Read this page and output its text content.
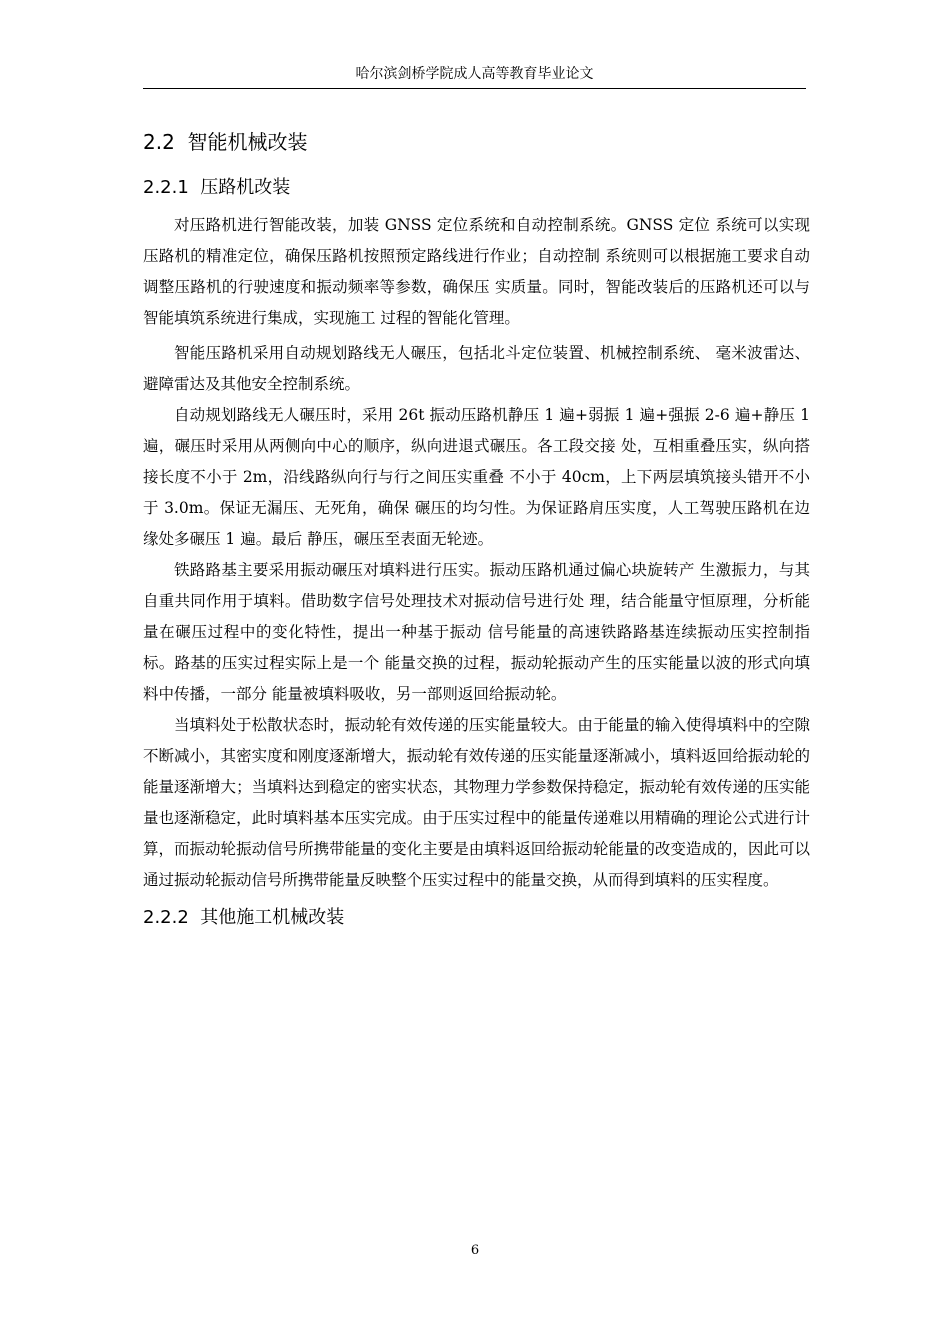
哈尔滨剑桥学院成人高等教育毕业论文
2.2 智能机械改装
2.2.1 压路机改装

对压路机进行智能改装，加装 GNSS 定位系统和自动控制系统。GNSS 定位 系统可以实现压路机的精准定位，确保压路机按照预定路线进行作业；自动控制 系统则可以根据施工要求自动调整压路机的行驶速度和振动频率等参数，确保压 实质量。同时，智能改装后的压路机还可以与智能填筑系统进行集成，实现施工 过程的智能化管理。

智能压路机采用自动规划路线无人碾压，包括北斗定位装置、机械控制系统、 毫米波雷达、避障雷达及其他安全控制系统。

自动规划路线无人碾压时，采用 26t 振动压路机静压 1 遍+弱振 1 遍+强振 2-6 遍+静压 1 遍，碾压时采用从两侧向中心的顺序，纵向进退式碾压。各工段交接 处，互相重叠压实，纵向搭接长度不小于 2m，沿线路纵向行与行之间压实重叠 不小于 40cm，上下两层填筑接头错开不小于 3.0m。保证无漏压、无死角，确保 碾压的均匀性。为保证路肩压实度，人工驾驶压路机在边缘处多碾压 1 遍。最后 静压，碾压至表面无轮迹。

铁路路基主要采用振动碾压对填料进行压实。振动压路机通过偏心块旋转产 生激振力，与其自重共同作用于填料。借助数字信号处理技术对振动信号进行处 理，结合能量守恒原理，分析能量在碾压过程中的变化特性，提出一种基于振动 信号能量的高速铁路路基连续振动压实控制指标。路基的压实过程实际上是一个 能量交换的过程，振动轮振动产生的压实能量以波的形式向填料中传播，一部分 能量被填料吸收，另一部则返回给振动轮。

当填料处于松散状态时，振动轮有效传递的压实能量较大。由于能量的输入使得填料中的空隙不断减小，其密实度和刚度逐渐增大，振动轮有效传递的压实能量逐渐减小，填料返回给振动轮的能量逐渐增大；当填料达到稳定的密实状态，其物理力学参数保持稳定，振动轮有效传递的压实能量也逐渐稳定，此时填料基本压实完成。由于压实过程中的能量传递难以用精确的理论公式进行计算，而振动轮振动信号所携带能量的变化主要是由填料返回给振动轮能量的改变造成的，因此可以通过振动轮振动信号所携带能量反映整个压实过程中的能量交换，从而得到填料的压实程度。

2.2.2 其他施工机械改装
6
